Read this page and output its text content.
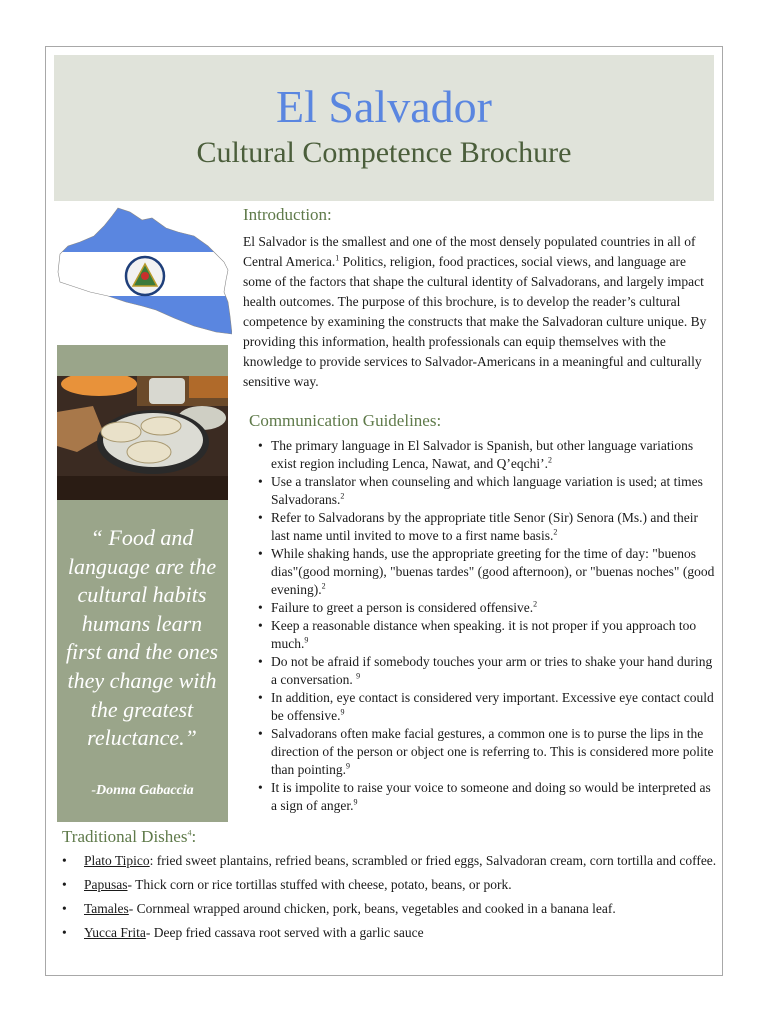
El Salvador
Cultural Competence Brochure
“ Food and language are the cultural habits humans learn first and the ones they change with the greatest reluctance.”
-Donna Gabaccia
Introduction:

El Salvador is the smallest and one of the most densely populated countries in all of Central America.$^1$ Politics, religion, food practices, social views, and language are some of the factors that shape the cultural identity of Salvadorans, and largely impact health outcomes. The purpose of this brochure, is to develop the reader’s cultural competence by examining the constructs that make the Salvadoran culture unique. By providing this information, health professionals can equip themselves with the knowledge to provide services to Salvador-Americans in a meaningful and culturally sensitive way.

Communication Guidelines:
• The primary language in El Salvador is Spanish, but other language variations exist region including Lenca, Nawat, and Q’eqchi’.$^2$
• Use a translator when counseling and which language variation is used; at times Salvadorans.$^2$
• Refer to Salvadorans by the appropriate title Senor (Sir) Senora (Ms.) and their last name until invited to move to a first name basis.$^2$
• While shaking hands, use the appropriate greeting for the time of day: "buenos dias"(good morning), "buenas tardes" (good afternoon), or "buenas noches" (good evening).$^2$
• Failure to greet a person is considered offensive.$^2$
• Keep a reasonable distance when speaking. it is not proper if you approach too much.$^9$
• Do not be afraid if somebody touches your arm or tries to shake your hand during a conversation. $^9$
• In addition, eye contact is considered very important. Excessive eye contact could be offensive.$^9$
• Salvadorans often make facial gestures, a common one is to purse the lips in the direction of the person or object one is referring to. This is considered more polite than pointing.$^9$
• It is impolite to raise your voice to someone and doing so would be interpreted as a sign of anger.$^9$
Traditional Dishes$^4$:
• Plato Tipico: fried sweet plantains, refried beans, scrambled or fried eggs, Salvadoran cream, corn tortilla and coffee.
• Papusas- Thick corn or rice tortillas stuffed with cheese, potato, beans, or pork.
• Tamales- Cornmeal wrapped around chicken, pork, beans, vegetables and cooked in a banana leaf.
• Yucca Frita- Deep fried cassava root served with a garlic sauce
